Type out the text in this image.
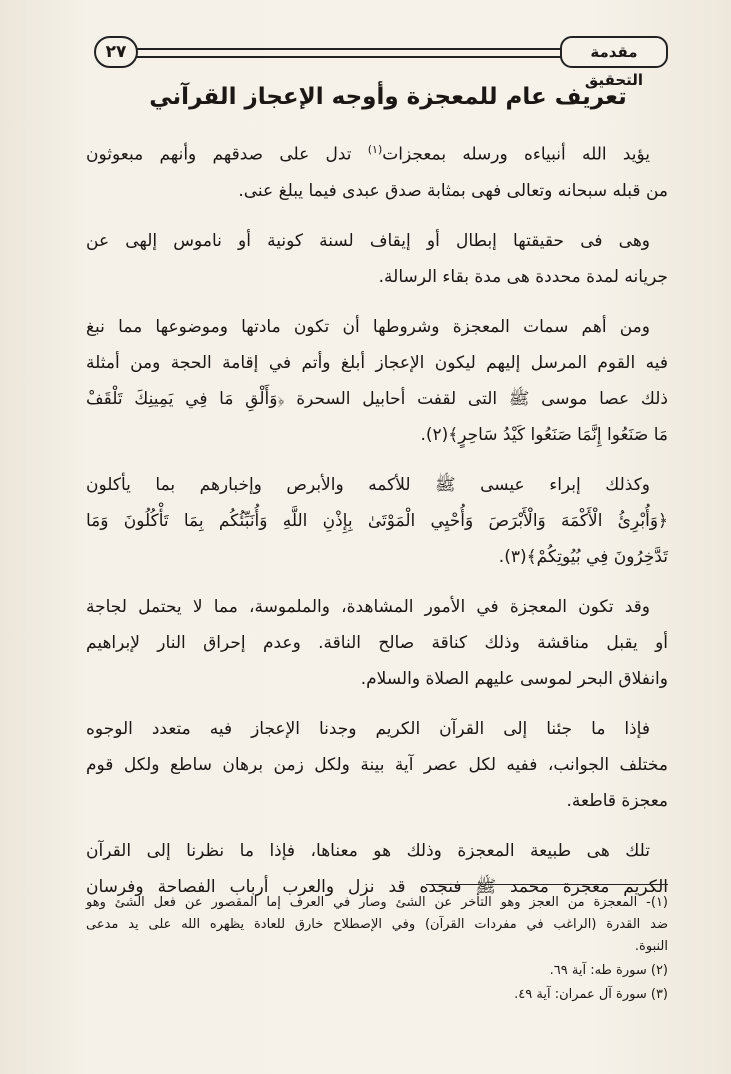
٢٧	مقدمة التحقيق
تعريف عام للمعجزة وأوجه الإعجاز القرآني

يؤيد الله أنبياءه ورسله بمعجزات$^{(١)}$ تدل على صدقهم وأنهم مبعوثون
من قبله سبحانه وتعالى فهى بمثابة صدق عبدى فيما يبلغ عنى.

وهى فى حقيقتها إبطال أو إيقاف لسنة كونية أو ناموس إلهى عن
جريانه لمدة محددة هى مدة بقاء الرسالة.

ومن أهم سمات المعجزة وشروطها أن تكون مادتها وموضوعها مما نبغ
فيه القوم المرسل إليهم ليكون الإعجاز أبلغ وأتم في إقامة الحجة ومن أمثلة
ذلك عصا موسى ﷺ التى لقفت أحابيل السحرة ﴿وَأَلْقِ مَا فِي يَمِينِكَ تَلْقَفْ
مَا صَنَعُوا إِنَّمَا صَنَعُوا كَيْدُ سَاحِرٍ﴾(٢).

وكذلك إبراء عيسى ﷺ للأكمه والأبرص وإخبارهم بما يأكلون
﴿وَأُبْرِئُ الْأَكْمَهَ وَالْأَبْرَصَ وَأُحْيِي الْمَوْتَىٰ بِإِذْنِ اللَّهِ وَأُنَبِّئُكُم بِمَا تَأْكُلُونَ وَمَا
تَدَّخِرُونَ فِي بُيُوتِكُمْ﴾(٣).

وقد تكون المعجزة في الأمور المشاهدة، والملموسة، مما لا يحتمل لجاجة
أو يقبل مناقشة وذلك كناقة صالح الناقة. وعدم إحراق النار لإبراهيم
وانفلاق البحر لموسى عليهم الصلاة والسلام.

فإذا ما جئنا إلى القرآن الكريم وجدنا الإعجاز فيه متعدد الوجوه
مختلف الجوانب، ففيه لكل عصر آية بينة ولكل زمن برهان ساطع ولكل قوم
معجزة قاطعة.

تلك هى طبيعة المعجزة وذلك هو معناها، فإذا ما نظرنا إلى القرآن
الكريم معجزة محمد ﷺ فنجده قد نزل والعرب أرباب الفصاحة وفرسان

(١)- المعجزة من العجز وهو التأخر عن الشئ وصار في العرف إما المقصور عن فعل الشئ وهو
ضد القدرة (الراغب في مفردات القرآن) وفي الإصطلاح خارق للعادة يظهره الله على يد مدعى
النبوة.
(٢) سورة طه: آية ٦٩.
(٣) سورة آل عمران: آية ٤٩.
